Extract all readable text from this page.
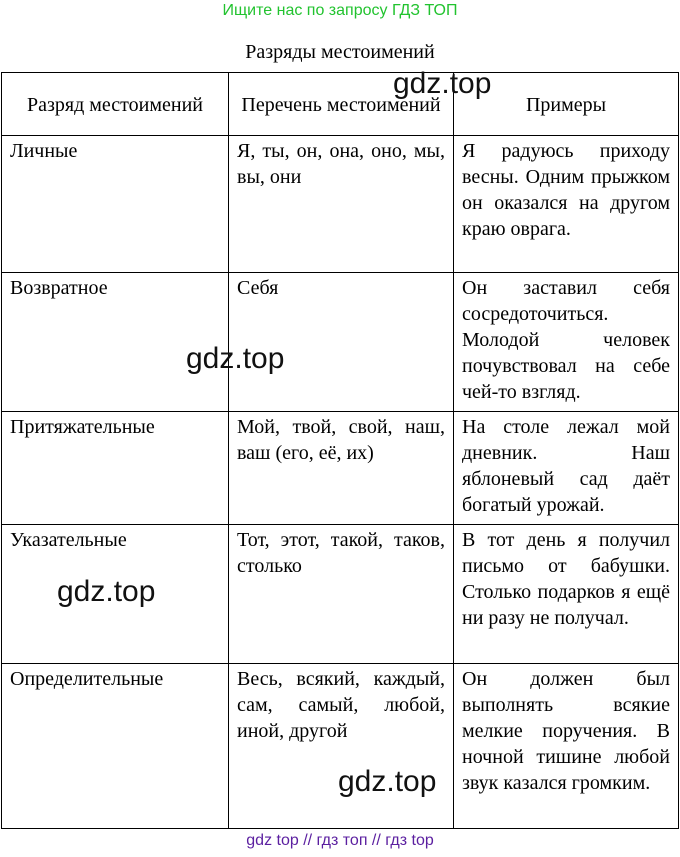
Ищите нас по запросу ГДЗ ТОП
Разряды местоимений
Разряд местоимений	Перечень местоимений	Примеры
Личные	Я, ты, он, она, оно, мы, вы, они	Я радуюсь приходу весны. Одним прыжком он оказался на другом краю оврага.
Возвратное	Себя	Он заставил себя сосредоточиться. Молодой человек почувствовал на себе чей-то взгляд.
Притяжательные	Мой, твой, свой, наш, ваш (его, её, их)	На столе лежал мой дневник. Наш яблоневый сад даёт богатый урожай.
Указательные	Тот, этот, такой, таков, столько	В тот день я получил письмо от бабушки. Столько подарков я ещё ни разу не получал.
Определительные	Весь, всякий, каждый, сам, самый, любой, иной, другой	Он должен был выполнять всякие мелкие поручения. В ночной тишине любой звук казался громким.
gdz.top
gdz.top
gdz.top
gdz.top
gdz top // гдз топ // гдз top
